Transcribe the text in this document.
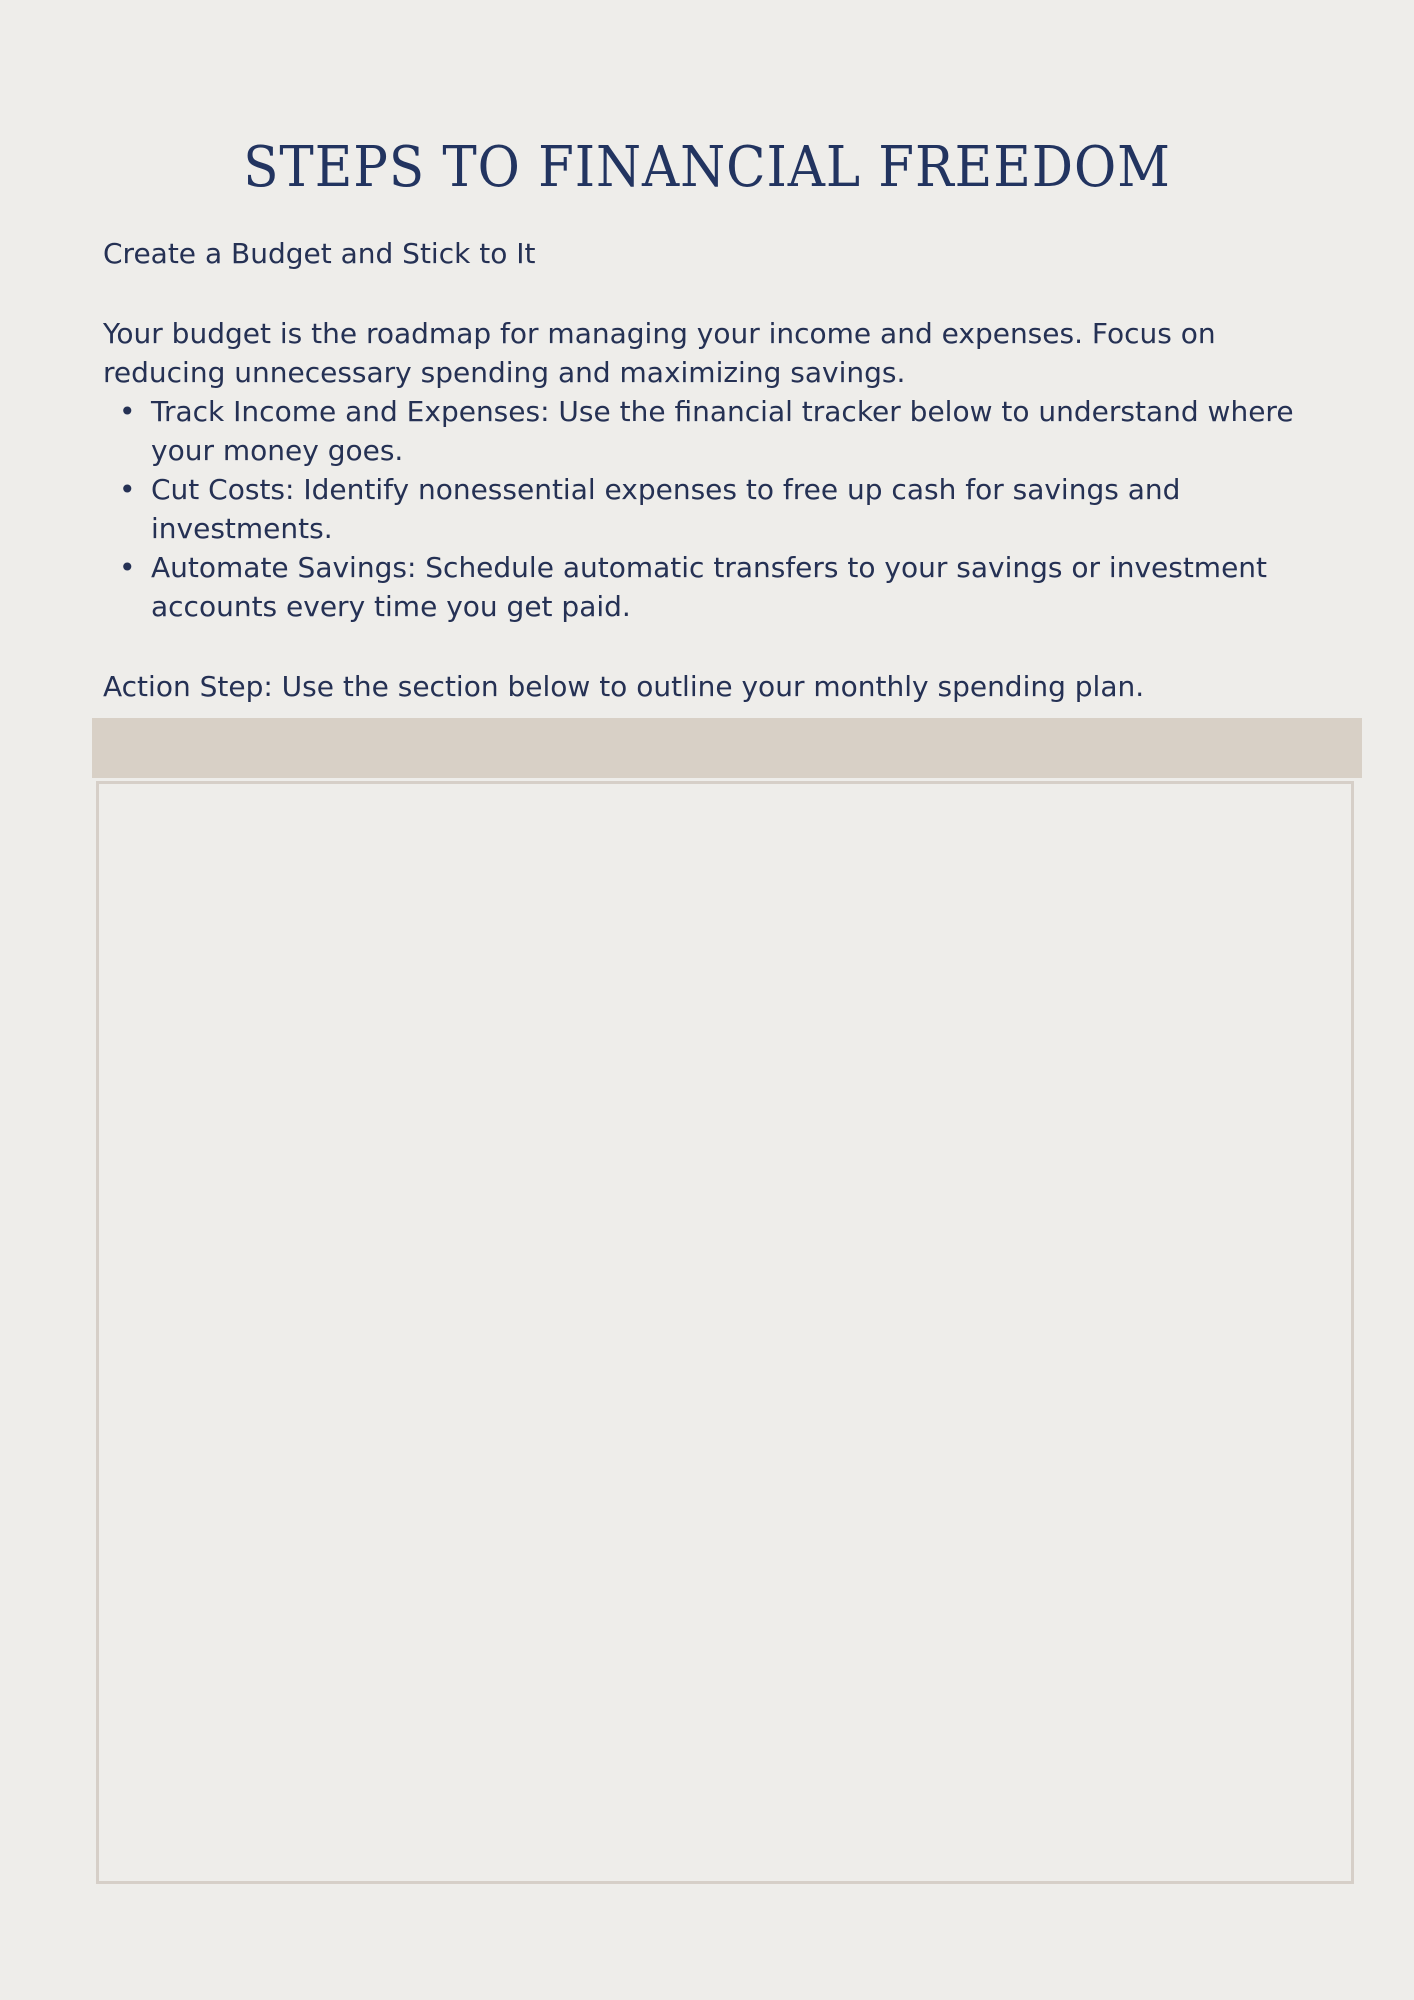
STEPS TO FINANCIAL FREEDOM

Create a Budget and Stick to It

Your budget is the roadmap for managing your income and expenses. Focus on reducing unnecessary spending and maximizing savings.

• Track Income and Expenses: Use the financial tracker below to understand where your money goes.
• Cut Costs: Identify nonessential expenses to free up cash for savings and investments.
• Automate Savings: Schedule automatic transfers to your savings or investment accounts every time you get paid.

Action Step: Use the section below to outline your monthly spending plan.
